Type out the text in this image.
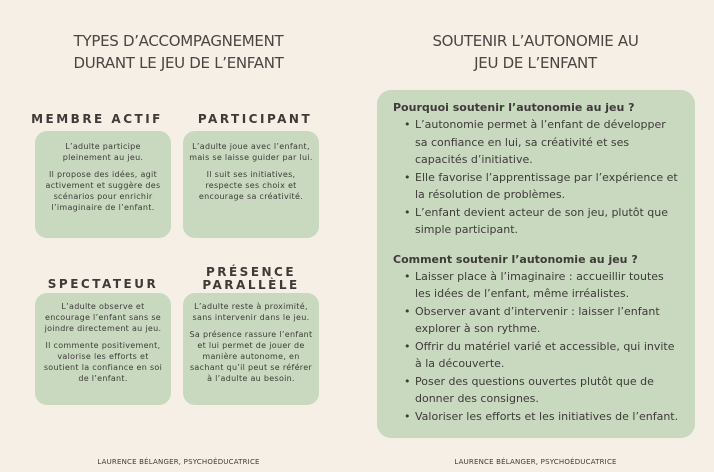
TYPES D’ACCOMPAGNEMENT
DURANT LE JEU DE L’ENFANT
MEMBRE ACTIF

L’adulte participe pleinement au jeu.

Il propose des idées, agit activement et suggère des scénarios pour enrichir l’imaginaire de l’enfant.

PARTICIPANT

L’adulte joue avec l’enfant, mais se laisse guider par lui.

Il suit ses initiatives, respecte ses choix et encourage sa créativité.

SPECTATEUR

L’adulte observe et encourage l’enfant sans se joindre directement au jeu.

Il commente positivement, valorise les efforts et soutient la confiance en soi de l’enfant.

PRÉSENCE
PARALLÈLE

L’adulte reste à proximité, sans intervenir dans le jeu.

Sa présence rassure l’enfant et lui permet de jouer de manière autonome, en sachant qu’il peut se référer à l’adulte au besoin.

LAURENCE BÉLANGER, PSYCHOÉDUCATRICE
SOUTENIR L’AUTONOMIE AU
JEU DE L’ENFANT
Pourquoi soutenir l’autonomie au jeu ?
• L’autonomie permet à l’enfant de développer sa confiance en lui, sa créativité et ses capacités d’initiative.
• Elle favorise l’apprentissage par l’expérience et la résolution de problèmes.
• L’enfant devient acteur de son jeu, plutôt que simple participant.
Comment soutenir l’autonomie au jeu ?
• Laisser place à l’imaginaire : accueillir toutes les idées de l’enfant, même irréalistes.
• Observer avant d’intervenir : laisser l’enfant explorer à son rythme.
• Offrir du matériel varié et accessible, qui invite à la découverte.
• Poser des questions ouvertes plutôt que de donner des consignes.
• Valoriser les efforts et les initiatives de l’enfant.
LAURENCE BÉLANGER, PSYCHOÉDUCATRICE
